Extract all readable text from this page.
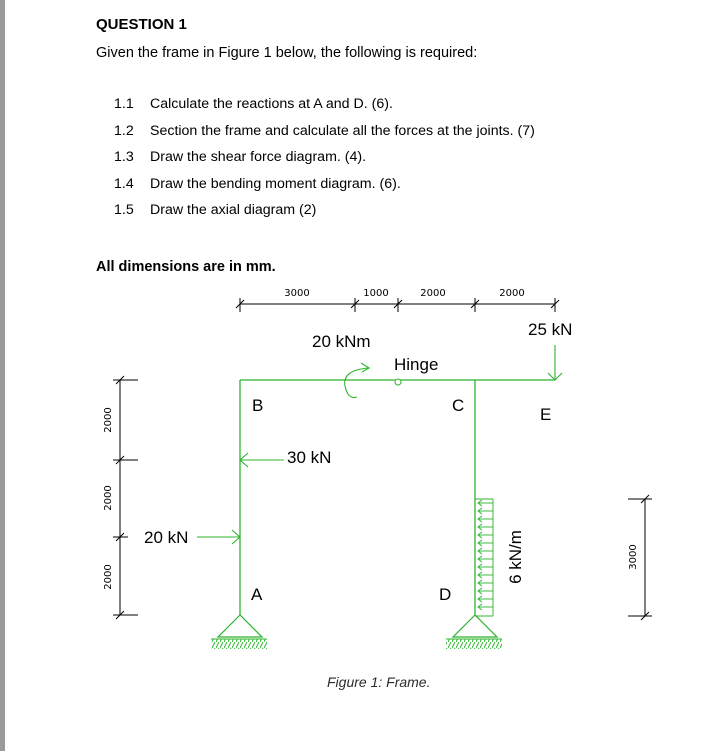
QUESTION 1
Given the frame in Figure 1 below, the following is required:
1.1	Calculate the reactions at A and D. (6).
1.2	Section the frame and calculate all the forces at the joints. (7)
1.3	Draw the shear force diagram. (4).
1.4	Draw the bending moment diagram. (6).
1.5	Draw the axial diagram (2)
All dimensions are in mm.
3000	1000	2000	2000
2000
2000
2000
3000
Hinge
20 kNm
25 kN
30 kN
20 kN	6 kN/m
B	C	E
A	D
Figure 1: Frame.
